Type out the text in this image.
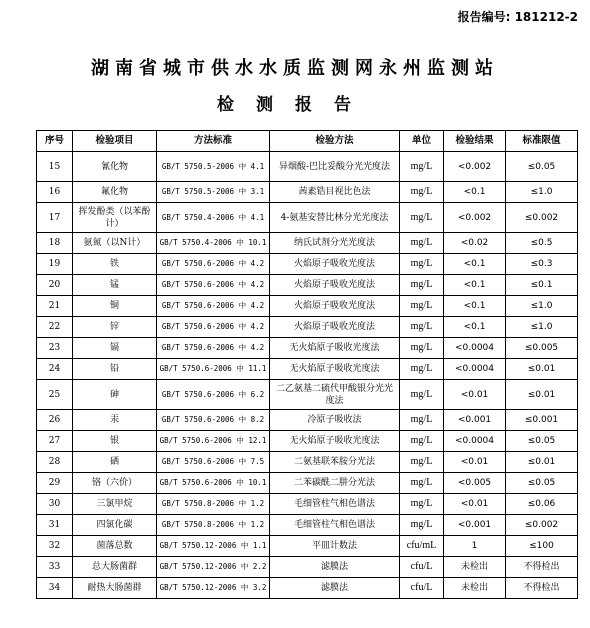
报告编号: 181212-2
湖南省城市供水水质监测网永州监测站
检测报告
序号	检验项目	方法标准	检验方法	单位	检验结果	标准限值
15	氰化物	GB/T 5750.5-2006 中 4.1	异烟酸-巴比妥酸分光光度法	mg/L	<0.002	≤0.05
16	氟化物	GB/T 5750.5-2006 中 3.1	茜素锆目视比色法	mg/L	<0.1	≤1.0
17	挥发酚类（以苯酚计）	GB/T 5750.4-2006 中 4.1	4-氨基安替比林分光光度法	mg/L	<0.002	≤0.002
18	氨氮（以N计）	GB/T 5750.4-2006 中 10.1	纳氏试剂分光光度法	mg/L	<0.02	≤0.5
19	铁	GB/T 5750.6-2006 中 4.2	火焰原子吸收光度法	mg/L	<0.1	≤0.3
20	锰	GB/T 5750.6-2006 中 4.2	火焰原子吸收光度法	mg/L	<0.1	≤0.1
21	铜	GB/T 5750.6-2006 中 4.2	火焰原子吸收光度法	mg/L	<0.1	≤1.0
22	锌	GB/T 5750.6-2006 中 4.2	火焰原子吸收光度法	mg/L	<0.1	≤1.0
23	镉	GB/T 5750.6-2006 中 4.2	无火焰原子吸收光度法	mg/L	<0.0004	≤0.005
24	铅	GB/T 5750.6-2006 中 11.1	无火焰原子吸收光度法	mg/L	<0.0004	≤0.01
25	砷	GB/T 5750.6-2006 中 6.2	二乙氨基二硫代甲酸银分光光度法	mg/L	<0.01	≤0.01
26	汞	GB/T 5750.6-2006 中 8.2	冷原子吸收法	mg/L	<0.001	≤0.001
27	银	GB/T 5750.6-2006 中 12.1	无火焰原子吸收光度法	mg/L	<0.0004	≤0.05
28	硒	GB/T 5750.6-2006 中 7.5	二氨基联苯胺分光法	mg/L	<0.01	≤0.01
29	铬（六价）	GB/T 5750.6-2006 中 10.1	二苯碳酰二肼分光法	mg/L	<0.005	≤0.05
30	三氯甲烷	GB/T 5750.8-2006 中 1.2	毛细管柱气相色谱法	mg/L	<0.01	≤0.06
31	四氯化碳	GB/T 5750.8-2006 中 1.2	毛细管柱气相色谱法	mg/L	<0.001	≤0.002
32	菌落总数	GB/T 5750.12-2006 中 1.1	平皿计数法	cfu/mL	1	≤100
33	总大肠菌群	GB/T 5750.12-2006 中 2.2	滤膜法	cfu/L	未检出	不得检出
34	耐热大肠菌群	GB/T 5750.12-2006 中 3.2	滤膜法	cfu/L	未检出	不得检出
